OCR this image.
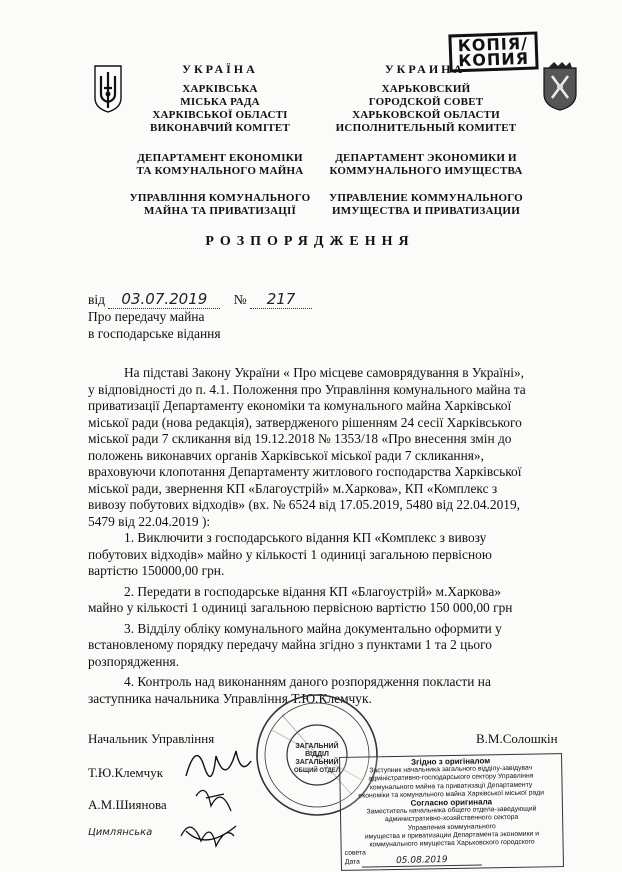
КОПІЯ/
КОПИЯ
УКРАЇНА
ХАРКІВСЬКА
МІСЬКА РАДА
ХАРКІВСЬКОЇ ОБЛАСТІ
ВИКОНАВЧИЙ КОМІТЕТ
ДЕПАРТАМЕНТ ЕКОНОМІКИ
ТА КОМУНАЛЬНОГО МАЙНА
УПРАВЛІННЯ КОМУНАЛЬНОГО
МАЙНА ТА ПРИВАТИЗАЦІЇ
УКРАИНА
ХАРЬКОВСКИЙ
ГОРОДСКОЙ СОВЕТ
ХАРЬКОВСКОЙ ОБЛАСТИ
ИСПОЛНИТЕЛЬНЫЙ КОМИТЕТ
ДЕПАРТАМЕНТ ЭКОНОМИКИ И
КОММУНАЛЬНОГО ИМУЩЕСТВА
УПРАВЛЕНИЕ КОММУНАЛЬНОГО
ИМУЩЕСТВА И ПРИВАТИЗАЦИИ
РОЗПОРЯДЖЕННЯ
від 03.07.2019 № 217
Про передачу майна
в господарське відання
На підставі Закону України « Про місцеве самоврядування в Україні»,
у відповідності до п. 4.1. Положення про Управління комунального майна та
приватизації Департаменту економіки та комунального майна Харківської
міської ради (нова редакція), затвердженого рішенням 24 сесії Харківського
міської ради 7 скликання від 19.12.2018 № 1353/18 «Про внесення змін до
положень виконавчих органів Харківської міської ради 7 скликання»,
враховуючи клопотання Департаменту житлового господарства Харківської
міської ради, звернення КП «Благоустрій» м.Харкова», КП «Комплекс з
вивозу побутових відходів» (вх. № 6524 від 17.05.2019, 5480 від 22.04.2019,
5479 від 22.04.2019 ):
1. Виключити з господарського відання КП «Комплекс з вивозу
побутових відходів» майно у кількості 1 одиниці загальною первісною
вартістю 150000,00 грн.
2. Передати в господарське відання КП «Благоустрій» м.Харкова»
майно у кількості 1 одиниці загальною первісною вартістю 150 000,00 грн
3. Відділу обліку комунального майна документально оформити у
встановленому порядку передачу майна згідно з пунктами 1 та 2 цього
розпорядження.
4. Контроль над виконанням даного розпорядження покласти на
заступника начальника Управління Т.Ю.Клемчук.
ЗАГАЛЬНИЙ
ВІДДІЛ
ЗАГАЛЬНИЙ
ОБЩИЙ ОТДЕЛ
Начальник Управління	В.М.Солошкін
Т.Ю.Клемчук
А.М.Шиянова
Цимлянська
Згідно з оригіналом
Заступник начальника загального відділу-завідувач
адміністративно-господарського сектору Управління
комунального майна та приватизації Департаменту
економіки та комунального майна Харківської міської ради
Согласно оригинала
Заместитель начальника общего отдела-заведующий
административно-хозяйственного сектора
Управления коммунального
имущества и приватизации Департамента экономики и
коммунального имущества Харьковского городского
совета
Дата	05.08.2019
